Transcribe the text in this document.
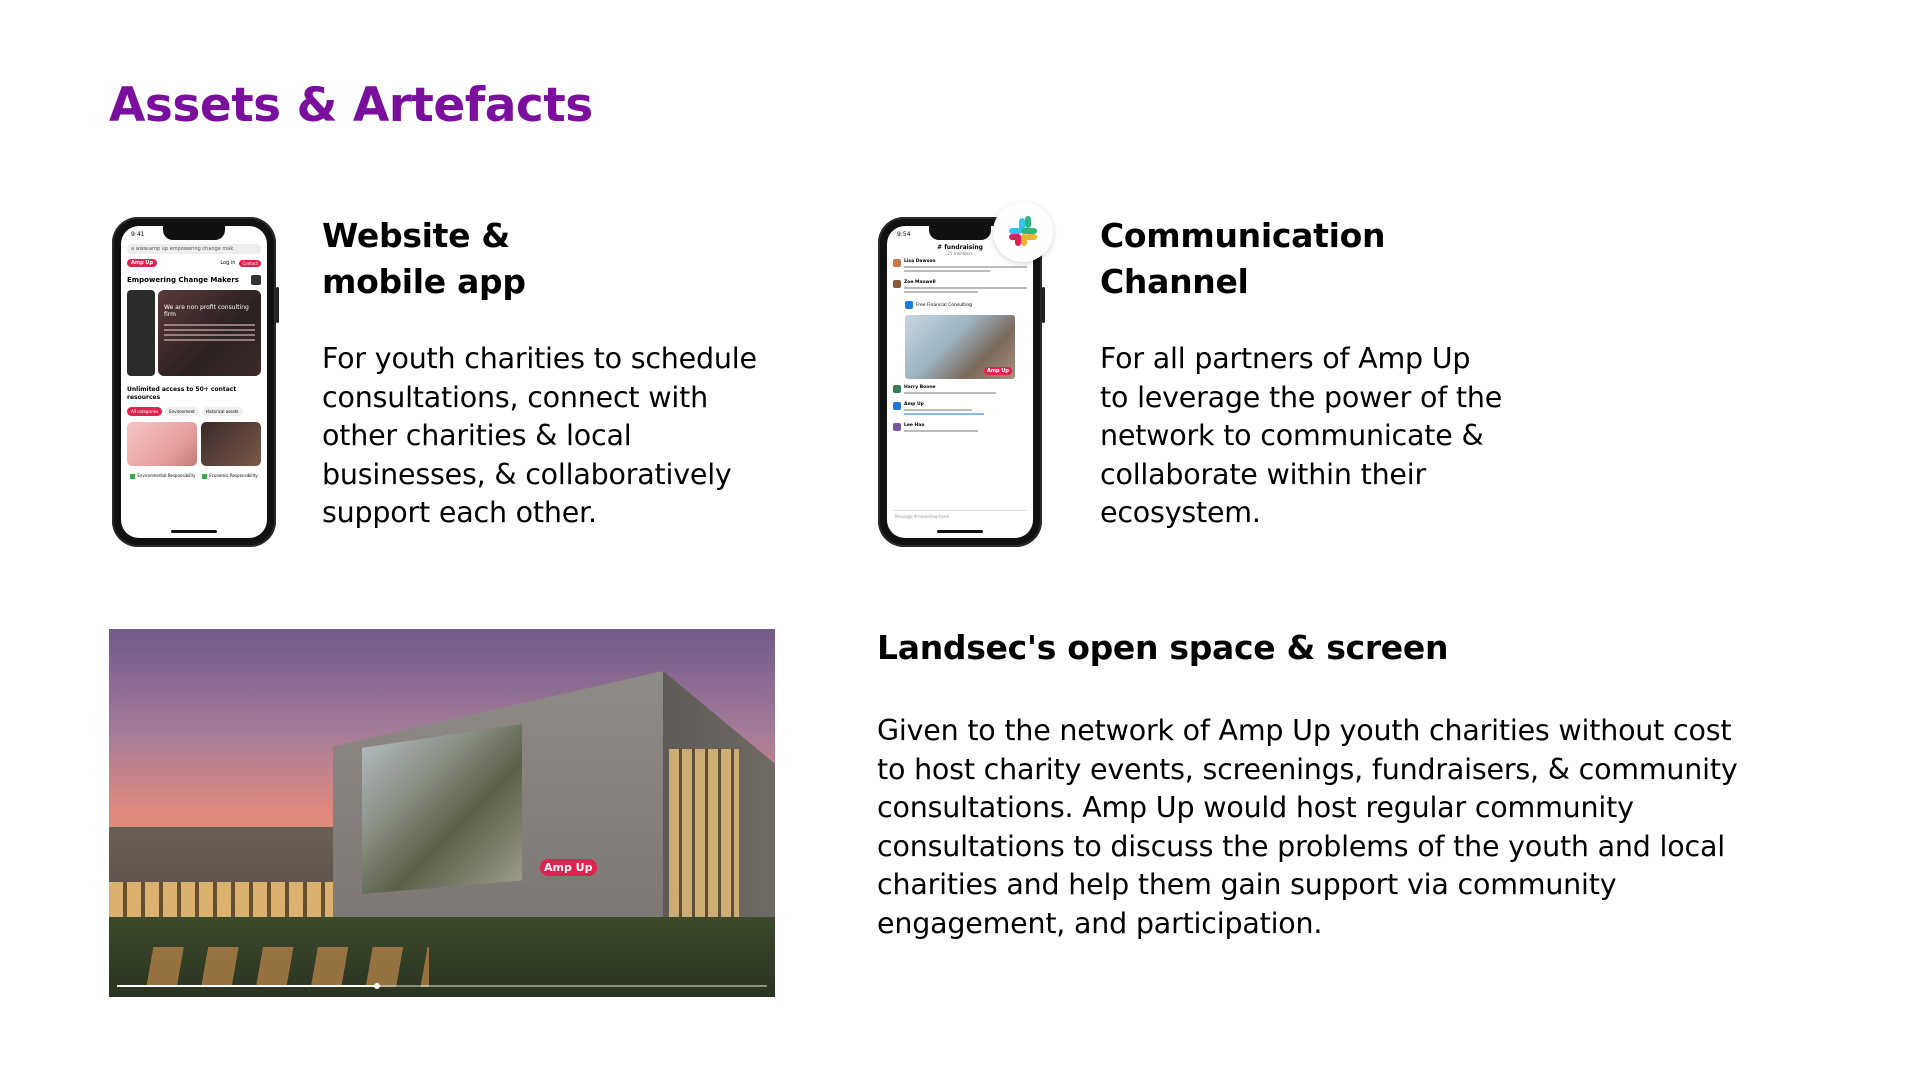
Assets & Artefacts
9:41
a www.amp up empowering change mak
Amp Up	Log in	Contact
Empowering Change Makers
We are non profit consulting firm
Unlimited access to 50+ contact resources
All categories	Environment	Historical assets
Environmental Responsibility	Economic Responsibility
Website &
mobile app
For youth charities to schedule
consultations, connect with
other charities & local
businesses, & collaboratively
support each other.
9:54
# fundraising
25 members
Lisa Dawson
Zoe Maxwell
Free Financial Consulting
Amp Up
Harry Boone
Amp Up
Lee Hao
Message #marketing-team
Communication
Channel
For all partners of Amp Up
to leverage the power of the
network to communicate &
collaborate within their
ecosystem.
Amp Up
Landsec's open space & screen
Given to the network of Amp Up youth charities without cost
to host charity events, screenings, fundraisers, & community
consultations. Amp Up would host regular community
consultations to discuss the problems of the youth and local
charities and help them gain support via community
engagement, and participation.
